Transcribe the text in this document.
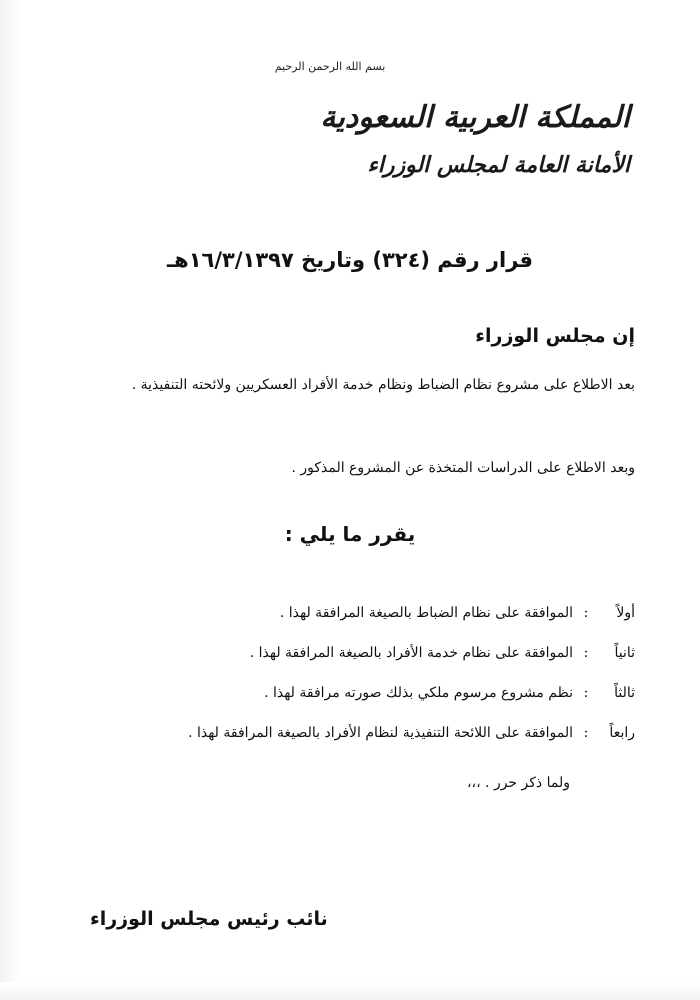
بسم الله الرحمن الرحيم
المملكة العربية السعودية
الأمانة العامة لمجلس الوزراء
قرار رقم (٣٢٤) وتاريخ ١٦/٣/١٣٩٧هـ
إن مجلس الوزراء
بعد الاطلاع على مشروع نظام الضباط ونظام خدمة الأفراد العسكريين ولائحته التنفيذية .
وبعد الاطلاع على الدراسات المتخذة عن المشروع المذكور .
يقرر ما يلي :
أولاً
:
الموافقة على نظام الضباط بالصيغة المرافقة لهذا .
ثانياً
:
الموافقة على نظام خدمة الأفراد بالصيغة المرافقة لهذا .
ثالثاً
:
نظم مشروع مرسوم ملكي بذلك صورته مرافقة لهذا .
رابعاً
:
الموافقة على اللائحة التنفيذية لنظام الأفراد بالصيغة المرافقة لهذا .
ولما ذكر حرر . ،،،
نائب رئيس مجلس الوزراء
